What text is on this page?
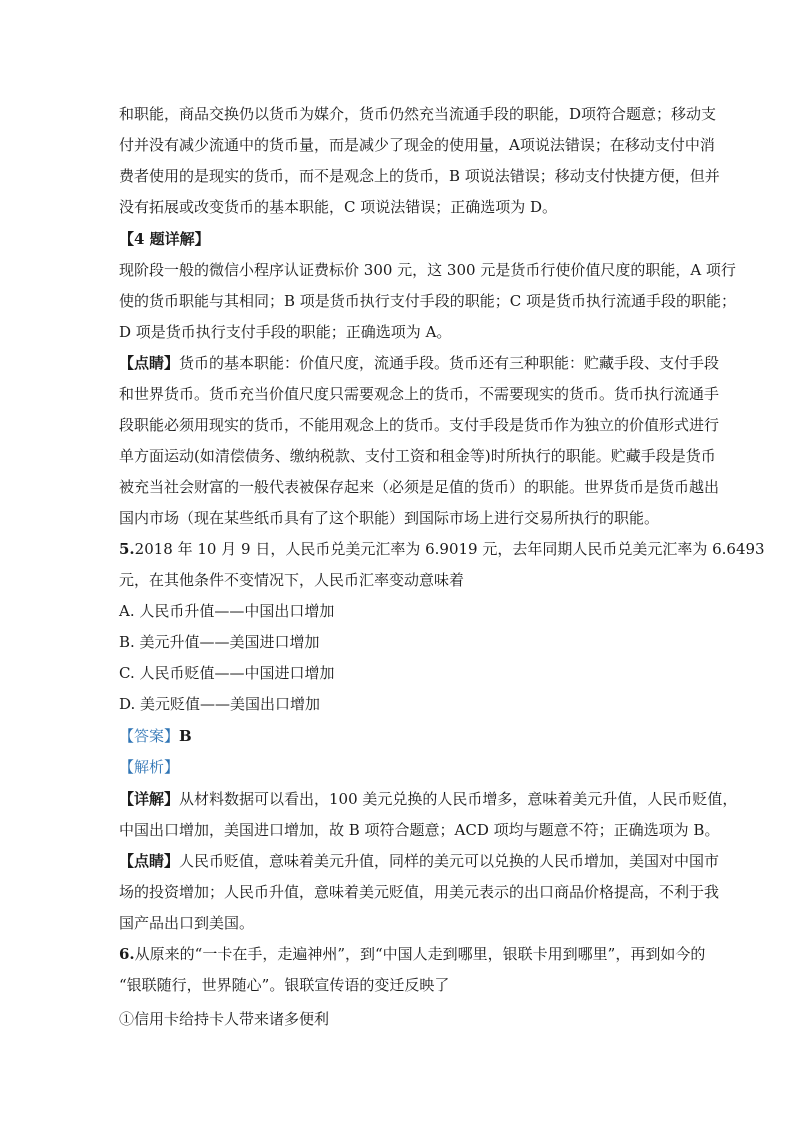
和职能，商品交换仍以货币为媒介，货币仍然充当流通手段的职能，D项符合题意；移动支
付并没有减少流通中的货币量，而是减少了现金的使用量，A项说法错误；在移动支付中消
费者使用的是现实的货币，而不是观念上的货币，B 项说法错误；移动支付快捷方便，但并
没有拓展或改变货币的基本职能，C 项说法错误；正确选项为 D。
【4 题详解】
现阶段一般的微信小程序认证费标价 300 元，这 300 元是货币行使价值尺度的职能，A 项行
使的货币职能与其相同；B 项是货币执行支付手段的职能；C 项是货币执行流通手段的职能；
D 项是货币执行支付手段的职能；正确选项为 A。
【点睛】货币的基本职能：价值尺度，流通手段。货币还有三种职能：贮藏手段、支付手段
和世界货币。货币充当价值尺度只需要观念上的货币，不需要现实的货币。货币执行流通手
段职能必须用现实的货币，不能用观念上的货币。支付手段是货币作为独立的价值形式进行
单方面运动(如清偿债务、缴纳税款、支付工资和租金等)时所执行的职能。贮藏手段是货币
被充当社会财富的一般代表被保存起来（必须是足值的货币）的职能。世界货币是货币越出
国内市场（现在某些纸币具有了这个职能）到国际市场上进行交易所执行的职能。
5.2018 年 10 月 9 日，人民币兑美元汇率为 6.9019 元，去年同期人民币兑美元汇率为 6.6493
元，在其他条件不变情况下，人民币汇率变动意味着
A. 人民币升值——中国出口增加
B. 美元升值——美国进口增加
C. 人民币贬值——中国进口增加
D. 美元贬值——美国出口增加
【答案】B
【解析】
【详解】从材料数据可以看出，100 美元兑换的人民币增多，意味着美元升值，人民币贬值，
中国出口增加，美国进口增加，故 B 项符合题意；ACD 项均与题意不符；正确选项为 B。
【点睛】人民币贬值，意味着美元升值，同样的美元可以兑换的人民币增加，美国对中国市
场的投资增加；人民币升值，意味着美元贬值，用美元表示的出口商品价格提高，不利于我
国产品出口到美国。
6.从原来的“一卡在手，走遍神州”，到“中国人走到哪里，银联卡用到哪里”，再到如今的
“银联随行，世界随心”。银联宣传语的变迁反映了
①信用卡给持卡人带来诸多便利
